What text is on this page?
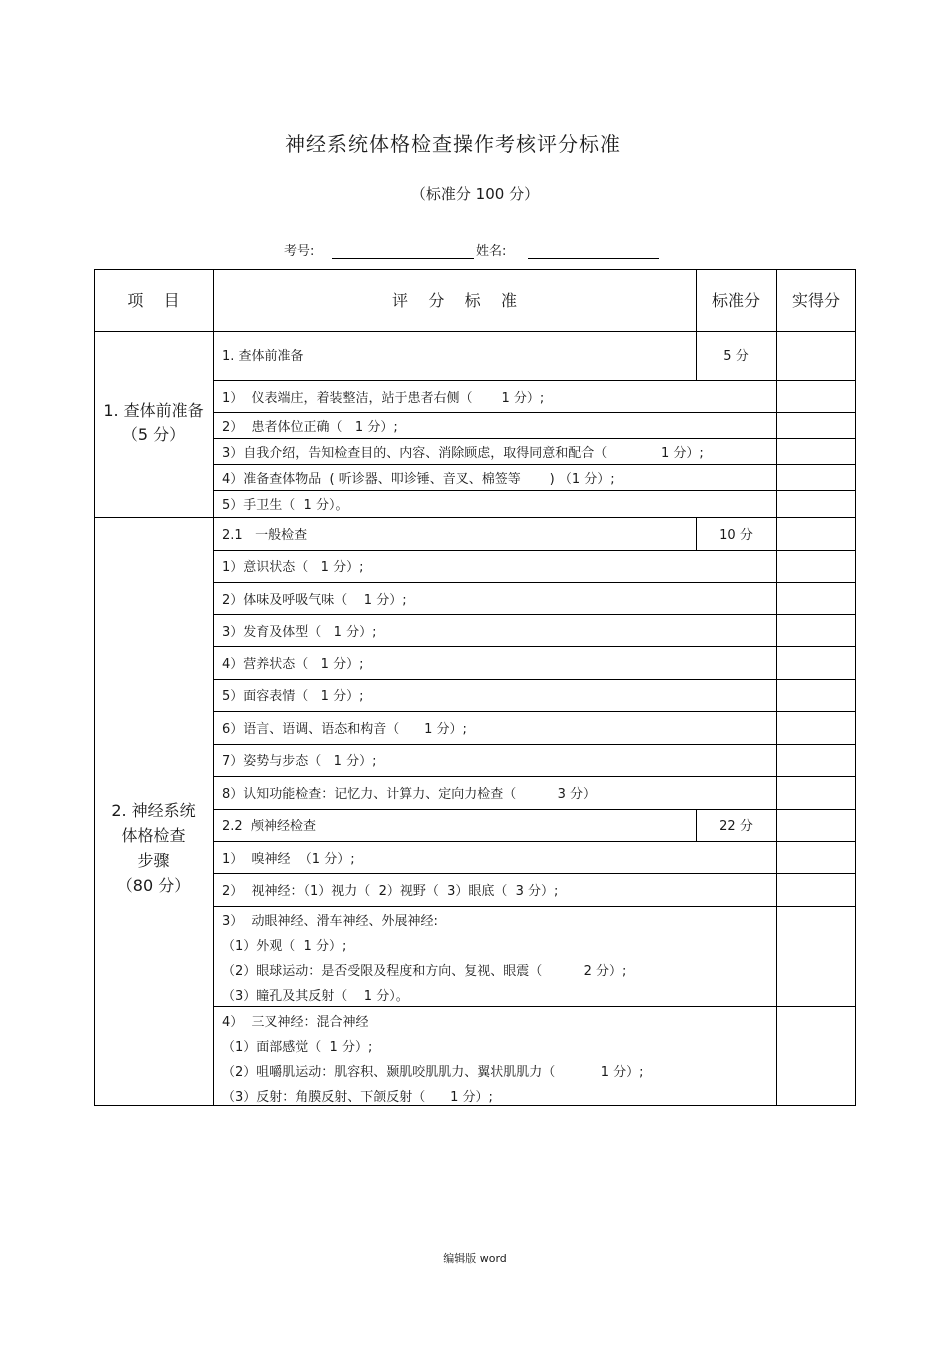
神经系统体格检查操作考核评分标准
（标准分 100 分）
考号:	姓名:
项    目	评    分    标    准	标准分	实得分
1. 查体前准备
（5 分）
1. 查体前准备	5 分
1）  仪表端庄，着装整洁，站于患者右侧（       1 分）;
2）  患者体位正确（   1 分）;
3）自我介绍，告知检查目的、内容、消除顾虑，取得同意和配合（             1 分）;
4）准备查体物品  ( 听诊器、叩诊锤、音叉、棉签等       ) （1 分）;
5）手卫生（  1 分）。
2. 神经系统
体格检查
步骤
（80 分）
2.1   一般检查	10 分
1）意识状态（   1 分）;
2）体味及呼吸气味（    1 分）;
3）发育及体型（   1 分）;
4）营养状态（   1 分）;
5）面容表情（   1 分）;
6）语言、语调、语态和构音（      1 分）;
7）姿势与步态（   1 分）;
8）认知功能检查：记忆力、计算力、定向力检查（          3 分）
2.2  颅神经检查	22 分
1）  嗅神经  （1 分）;
2）  视神经：（1）视力（  2）视野（  3）眼底（  3 分）;
3）  动眼神经、滑车神经、外展神经:
（1）外观（  1 分）;
（2）眼球运动：是否受限及程度和方向、复视、眼震（          2 分）;
（3）瞳孔及其反射（    1 分）。
4）  三叉神经：混合神经
（1）面部感觉（  1 分）;
（2）咀嚼肌运动：肌容积、颞肌咬肌肌力、翼状肌肌力（           1 分）;
（3）反射：角膜反射、下颌反射（      1 分）;
编辑版 word
